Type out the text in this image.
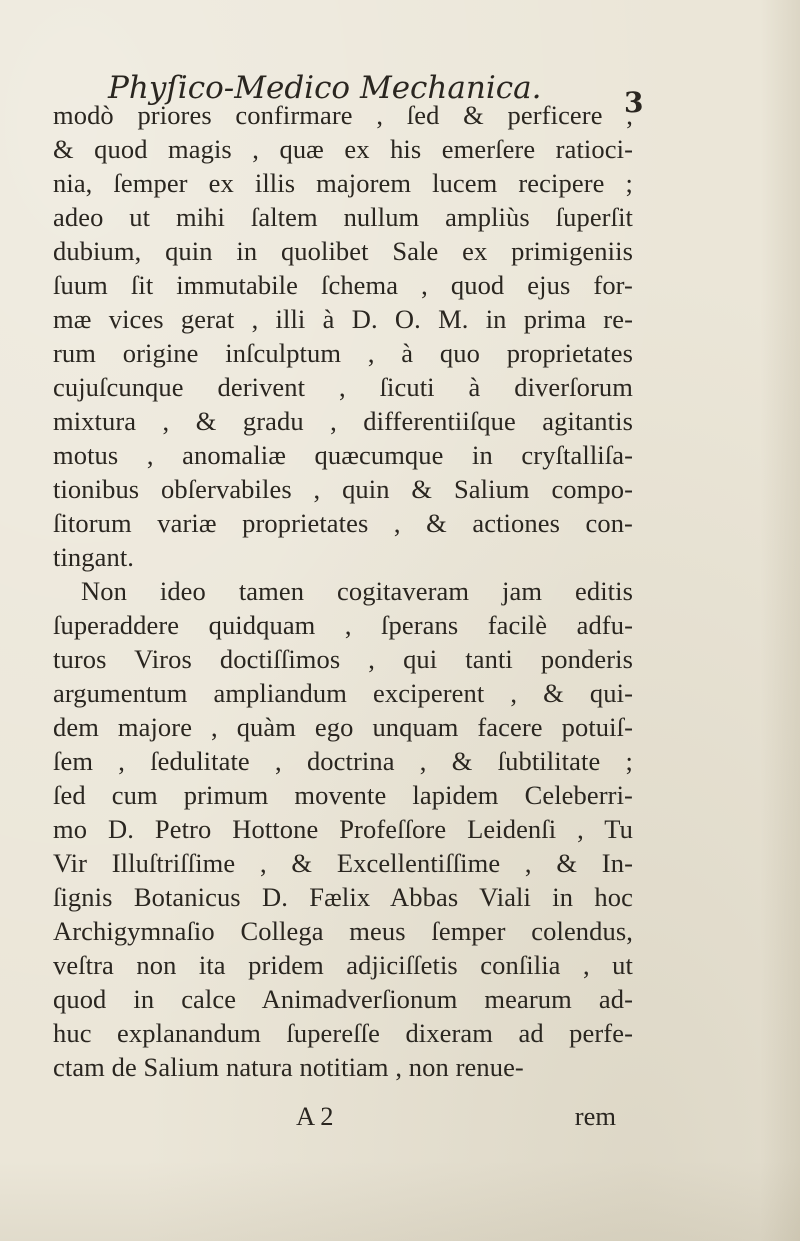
Phyſico-Medico Mechanica.	3
modò priores confirmare , ſed & perficere ,
& quod magis , quæ ex his emerſere ratioci-
nia, ſemper ex illis majorem lucem recipere ;
adeo ut mihi ſaltem nullum ampliùs ſuperſit
dubium, quin in quolibet Sale ex primigeniis
ſuum ſit immutabile ſchema , quod ejus for-
mæ vices gerat , illi à D. O. M. in prima re-
rum origine inſculptum , à quo proprietates
cujuſcunque derivent , ſicuti à diverſorum
mixtura , & gradu , differentiiſque agitantis
motus , anomaliæ quæcumque in cryſtalliſa-
tionibus obſervabiles , quin & Salium compo-
ſitorum variæ proprietates , & actiones con-
tingant.
Non ideo tamen cogitaveram jam editis
ſuperaddere quidquam , ſperans facilè adfu-
turos Viros doctiſſimos , qui tanti ponderis
argumentum ampliandum exciperent , & qui-
dem majore , quàm ego unquam facere potuiſ-
ſem , ſedulitate , doctrina , & ſubtilitate ;
ſed cum primum movente lapidem Celeberri-
mo D. Petro Hottone Profeſſore Leidenſi , Tu
Vir Illuſtriſſime , & Excellentiſſime , & In-
ſignis Botanicus D. Fælix Abbas Viali in hoc
Archigymnaſio Collega meus ſemper colendus,
veſtra non ita pridem adjiciſſetis conſilia , ut
quod in calce Animadverſionum mearum ad-
huc explanandum ſupereſſe dixeram ad perfe-
ctam de Salium natura notitiam , non renue-
A 2	rem
